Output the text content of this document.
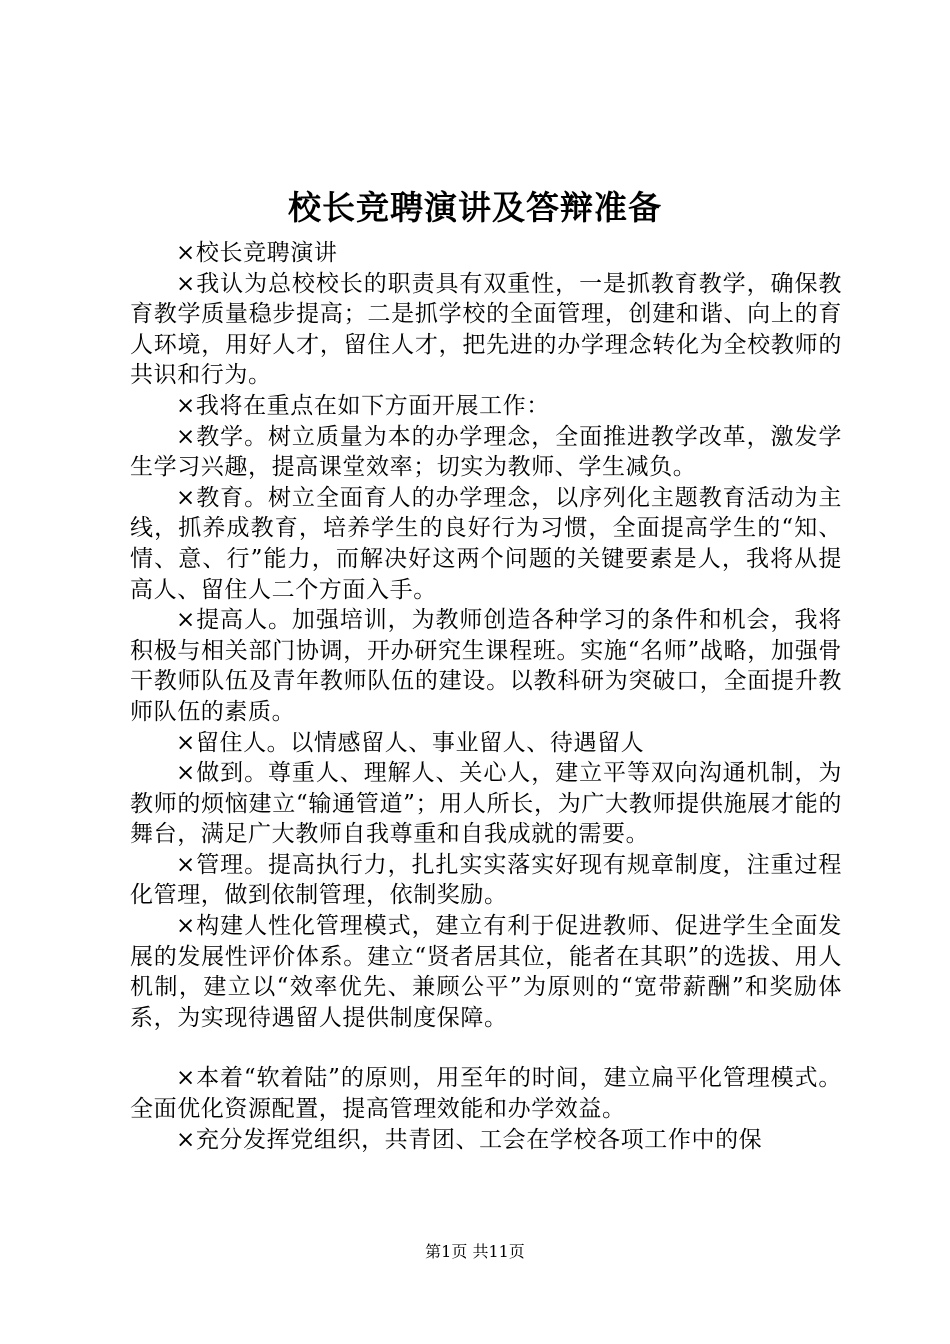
校长竞聘演讲及答辩准备

×校长竞聘演讲

×我认为总校校长的职责具有双重性，一是抓教育教学，确保教育教学质量稳步提高；二是抓学校的全面管理，创建和谐、向上的育人环境，用好人才，留住人才，把先进的办学理念转化为全校教师的共识和行为。

×我将在重点在如下方面开展工作：

×教学。树立质量为本的办学理念，全面推进教学改革，激发学生学习兴趣，提高课堂效率；切实为教师、学生减负。

×教育。树立全面育人的办学理念，以序列化主题教育活动为主线，抓养成教育，培养学生的良好行为习惯，全面提高学生的“知、情、意、行”能力，而解决好这两个问题的关键要素是人，我将从提高人、留住人二个方面入手。

×提高人。加强培训，为教师创造各种学习的条件和机会，我将积极与相关部门协调，开办研究生课程班。实施“名师”战略，加强骨干教师队伍及青年教师队伍的建设。以教科研为突破口，全面提升教师队伍的素质。

×留住人。以情感留人、事业留人、待遇留人

×做到。尊重人、理解人、关心人，建立平等双向沟通机制，为教师的烦恼建立“输通管道”；用人所长，为广大教师提供施展才能的舞台，满足广大教师自我尊重和自我成就的需要。

×管理。提高执行力，扎扎实实落实好现有规章制度，注重过程化管理，做到依制管理，依制奖励。

×构建人性化管理模式，建立有利于促进教师、促进学生全面发展的发展性评价体系。建立“贤者居其位，能者在其职”的选拔、用人机制，建立以“效率优先、兼顾公平”为原则的“宽带薪酬”和奖励体系，为实现待遇留人提供制度保障。

×本着“软着陆”的原则，用至年的时间，建立扁平化管理模式。全面优化资源配置，提高管理效能和办学效益。

×充分发挥党组织，共青团、工会在学校各项工作中的保

第1页 共11页
